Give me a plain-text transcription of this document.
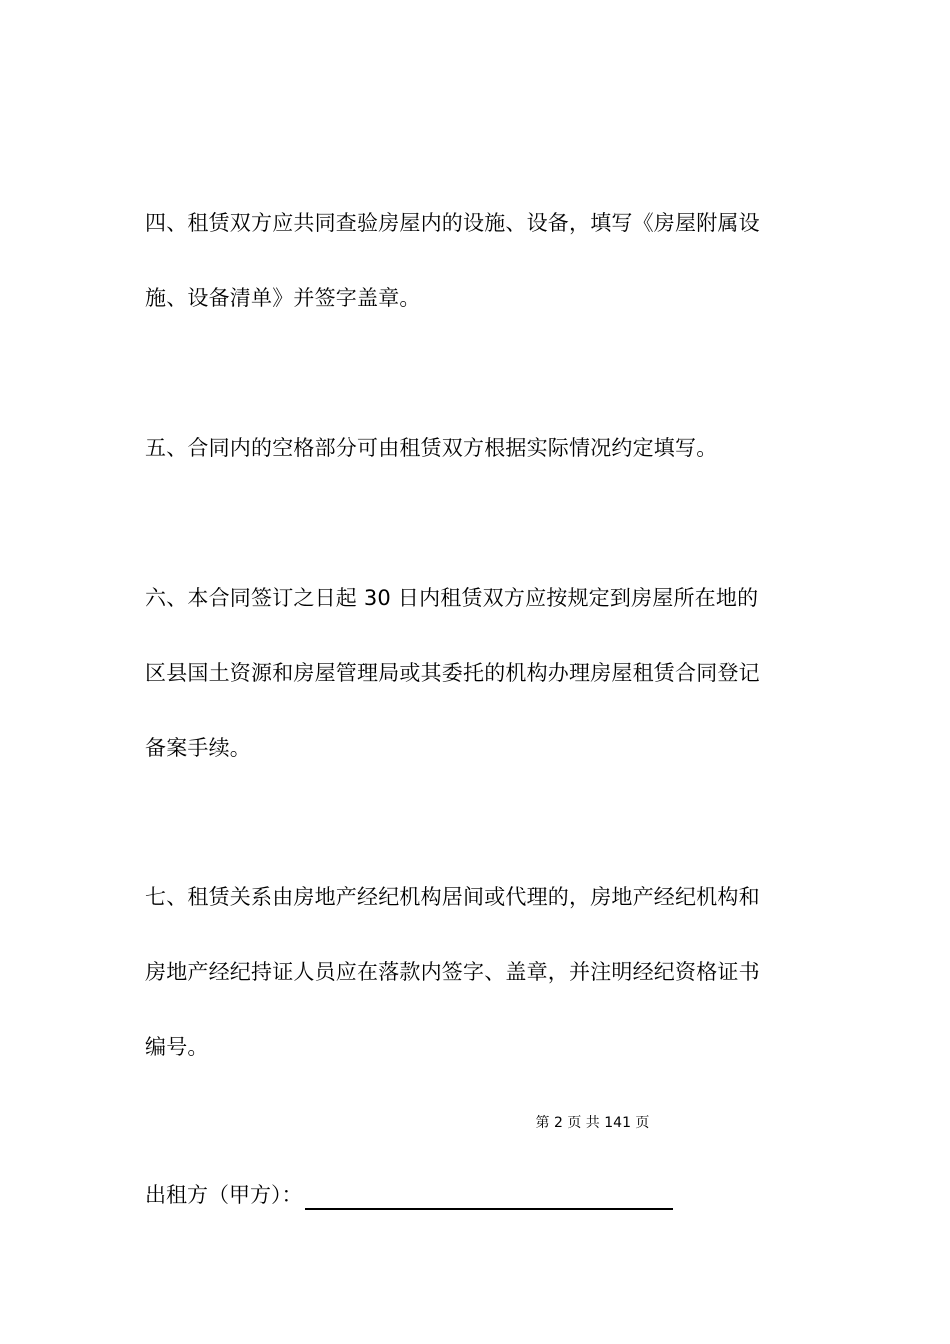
四、租赁双方应共同查验房屋内的设施、设备，填写《房屋附属设
施、设备清单》并签字盖章。
五、合同内的空格部分可由租赁双方根据实际情况约定填写。
六、本合同签订之日起 30 日内租赁双方应按规定到房屋所在地的
区县国土资源和房屋管理局或其委托的机构办理房屋租赁合同登记
备案手续。
七、租赁关系由房地产经纪机构居间或代理的，房地产经纪机构和
房地产经纪持证人员应在落款内签字、盖章，并注明经纪资格证书
编号。
第 2 页 共 141 页
出租方（甲方）：
